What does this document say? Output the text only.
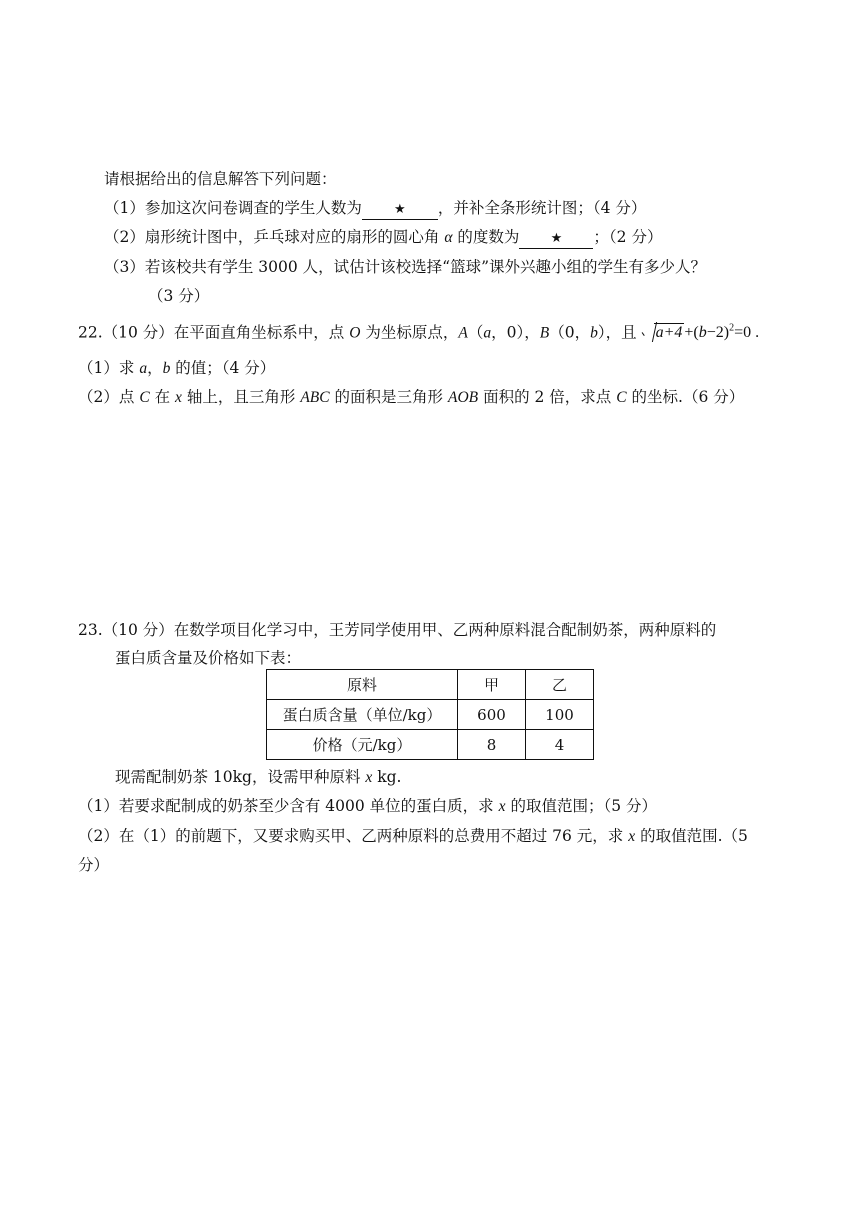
请根据给出的信息解答下列问题：
（1）参加这次问卷调查的学生人数为 ★ ，并补全条形统计图；（4 分）
（2）扇形统计图中，乒乓球对应的扇形的圆心角 α 的度数为 ★ ；（2 分）
（3）若该校共有学生 3000 人，试估计该校选择“篮球”课外兴趣小组的学生有多少人？
（3 分）
22.（10 分）在平面直角坐标系中，点 O 为坐标原点，A（a，0），B（0，b），且 $a+4 +(b-2)^2=0$ .
（1）求 a，b 的值；（4 分）
（2）点 C 在 x 轴上，且三角形 ABC 的面积是三角形 AOB 面积的 2 倍，求点 C 的坐标.（6 分）
23.（10 分）在数学项目化学习中，王芳同学使用甲、乙两种原料混合配制奶茶，两种原料的
蛋白质含量及价格如下表：
原料	甲	乙
蛋白质含量（单位/kg）	600	100
价格（元/kg）	8	4
现需配制奶茶 10kg，设需甲种原料 x kg.
（1）若要求配制成的奶茶至少含有 4000 单位的蛋白质，求 x 的取值范围；（5 分）
（2）在（1）的前题下，又要求购买甲、乙两种原料的总费用不超过 76 元，求 x 的取值范围.（5
分）
